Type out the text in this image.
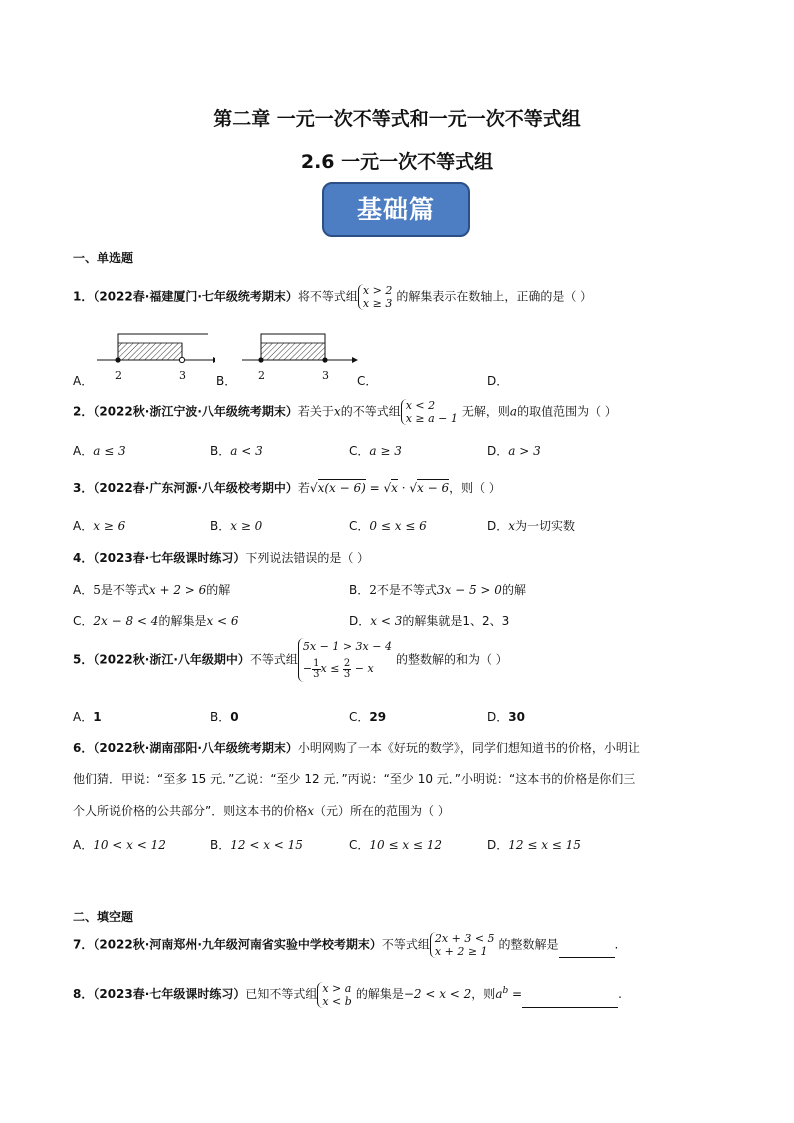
第二章 一元一次不等式和一元一次不等式组
2.6 一元一次不等式组
基础篇
一、单选题
1．（2022春·福建厦门·七年级统考期末）将不等式组 x > 2
x ≥ 3 的解集表示在数轴上，正确的是（ ）
2	3	2	3
A．	B．	C．	D．
2．（2022秋·浙江宁波·八年级统考期末）若关于x的不等式组 x < 2
x ≥ a − 1 无解，则a的取值范围为（ ）
A．a ≤ 3	B．a < 3	C．a ≥ 3	D．a > 3
3．（2022春·广东河源·八年级校考期中）若√x(x − 6) = √x · √x − 6，则（ ）
A．x ≥ 6	B．x ≥ 0	C．0 ≤ x ≤ 6	D．x为一切实数
4．（2023春·七年级课时练习）下列说法错误的是（ ）
A．5是不等式x + 2 > 6的解	B．2不是不等式3x − 5 > 0的解
C．2x − 8 < 4的解集是x < 6	D．x < 3的解集就是1、2、3
5．（2022秋·浙江·八年级期中）不等式组
5x − 1 > 3x − 4
− $\frac{1}{3}$ $x \le \frac{2}{3} - x$
的整数解的和为（ ）
A．1	B．0	C．29	D．30
6．（2022秋·湖南邵阳·八年级统考期末）小明网购了一本《好玩的数学》，同学们想知道书的价格，小明让
他们猜．甲说：“至多 15 元．”乙说：“至少 12 元．”丙说：“至少 10 元．”小明说：“这本书的价格是你们三
个人所说价格的公共部分”．则这本书的价格x（元）所在的范围为（ ）
A．10 < x < 12	B．12 < x < 15	C．10 ≤ x ≤ 12	D．12 ≤ x ≤ 15
二、填空题
7．（2022秋·河南郑州·九年级河南省实验中学校考期末）不等式组 2x + 3 < 5
x + 2 ≥ 1 的整数解是	.
8．（2023春·七年级课时练习）已知不等式组 x > a
x < b 的解集是−2 < x < 2，则$a^b$ =	.
